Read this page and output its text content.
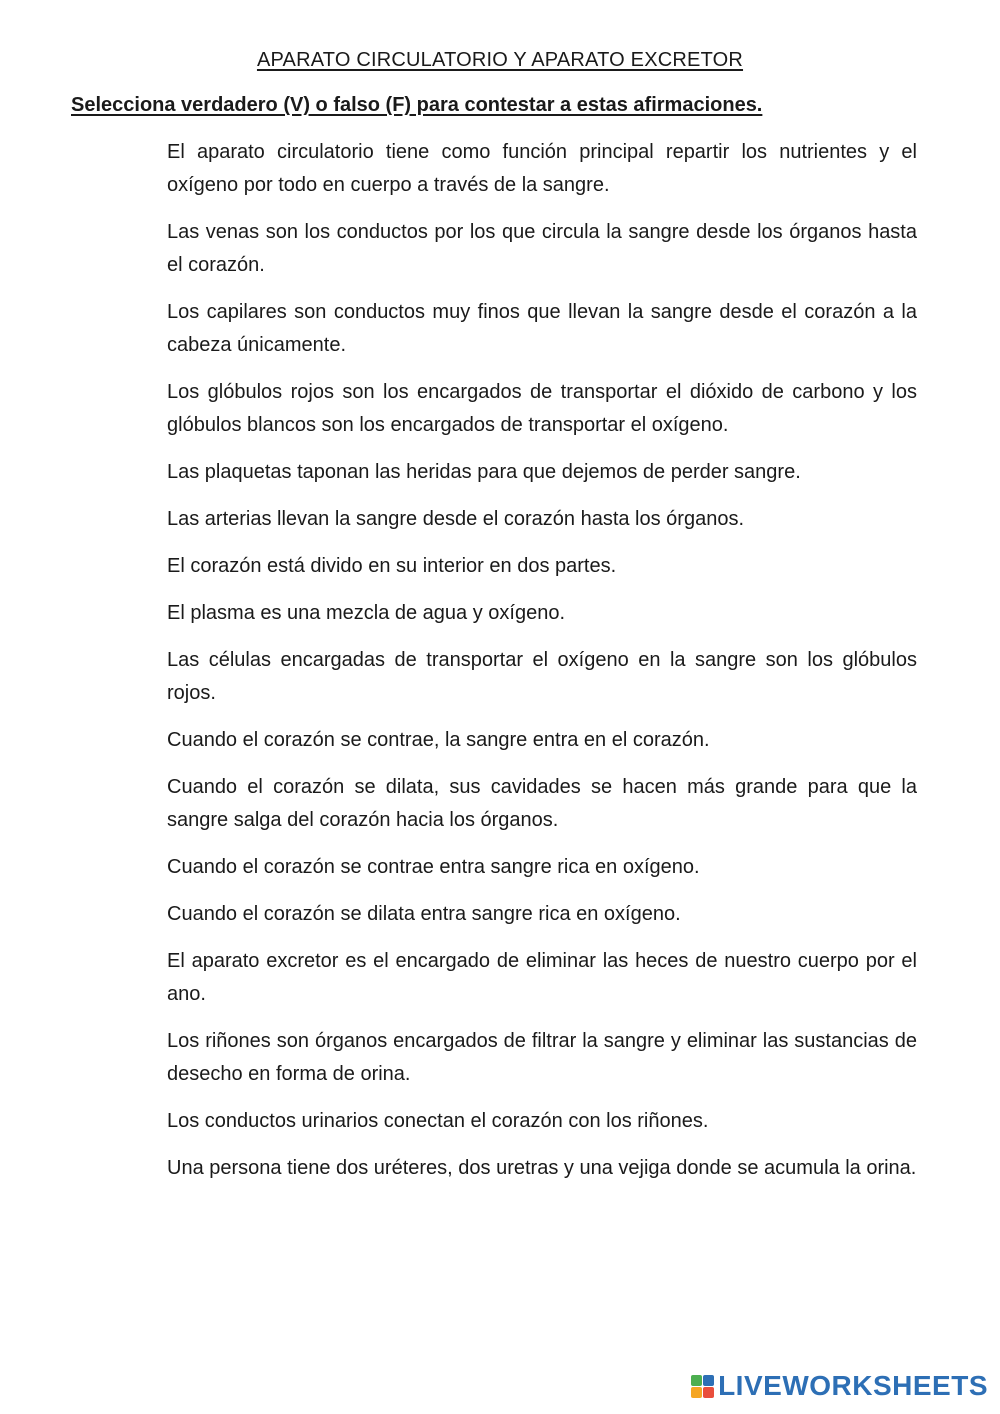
APARATO CIRCULATORIO Y APARATO EXCRETOR

Selecciona verdadero (V) o falso (F) para contestar a estas afirmaciones.

El aparato circulatorio tiene como función principal repartir los nutrientes y el oxígeno por todo en cuerpo a través de la sangre.
Las venas son los conductos por los que circula la sangre desde los órganos hasta el corazón.
Los capilares son conductos muy finos que llevan la sangre desde el corazón a la cabeza únicamente.
Los glóbulos rojos son los encargados de transportar el dióxido de carbono y los glóbulos blancos son los encargados de transportar el oxígeno.
Las plaquetas taponan las heridas para que dejemos de perder sangre.
Las arterias llevan la sangre desde el corazón hasta los órganos.
El corazón está divido en su interior en dos partes.
El plasma es una mezcla de agua y oxígeno.
Las células encargadas de transportar el oxígeno en la sangre son los glóbulos rojos.
Cuando el corazón se contrae, la sangre entra en el corazón.
Cuando el corazón se dilata, sus cavidades se hacen más grande para que la sangre salga del corazón hacia los órganos.
Cuando el corazón se contrae entra sangre rica en oxígeno.
Cuando el corazón se dilata entra sangre rica en oxígeno.
El aparato excretor es el encargado de eliminar las heces de nuestro cuerpo por el ano.
Los riñones son órganos encargados de filtrar la sangre y eliminar las sustancias de desecho en forma de orina.
Los conductos urinarios conectan el corazón con los riñones.
Una persona tiene dos uréteres, dos uretras y una vejiga donde se acumula la orina.
LIVEWORKSHEETS
